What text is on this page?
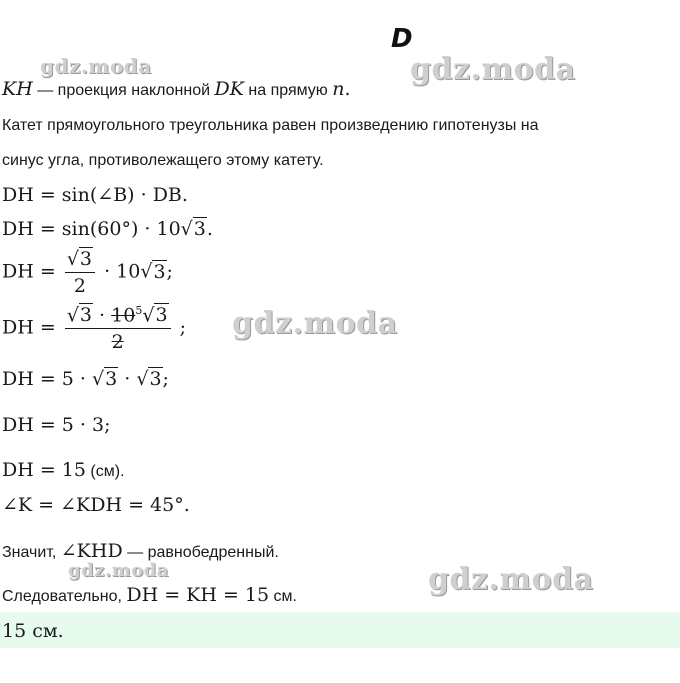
D
gdz.moda	gdz.moda
gdz.moda
gdz.moda	gdz.moda
KH — проекция наклонной DK на прямую n.
Катет прямоугольного треугольника равен произведению гипотенузы на
синус угла, противолежащего этому катету.
DH = sin(∠B) · DB.
DH = sin(60°) · 10√3.
DH = $\frac{√3}{2} \cdot 10√3$;
DH = $\frac{√3 \cdot 10^5√3}{2}$ ;
DH = 5 · √3 · √3;
DH = 5 · 3;
DH = 15 (см).
∠K = ∠KDH = 45°.
Значит, ∠KHD — равнобедренный.
Следовательно, DH = KH = 15 см.
15 см.
